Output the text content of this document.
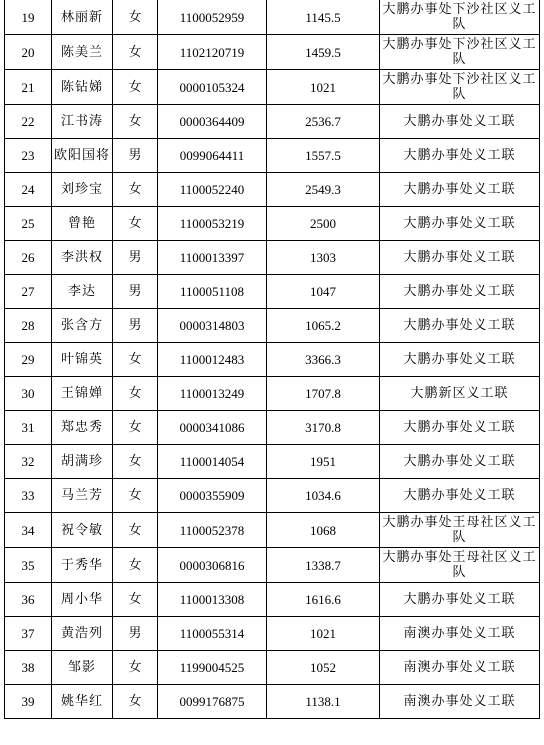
19	林丽新	女	1100052959	1145.5	大鹏办事处下沙社区义工队
20	陈美兰	女	1102120719	1459.5	大鹏办事处下沙社区义工队
21	陈钻娣	女	0000105324	1021	大鹏办事处下沙社区义工队
22	江书涛	女	0000364409	2536.7	大鹏办事处义工联
23	欧阳国将	男	0099064411	1557.5	大鹏办事处义工联
24	刘珍宝	女	1100052240	2549.3	大鹏办事处义工联
25	曾艳	女	1100053219	2500	大鹏办事处义工联
26	李洪权	男	1100013397	1303	大鹏办事处义工联
27	李达	男	1100051108	1047	大鹏办事处义工联
28	张含方	男	0000314803	1065.2	大鹏办事处义工联
29	叶锦英	女	1100012483	3366.3	大鹏办事处义工联
30	王锦婵	女	1100013249	1707.8	大鹏新区义工联
31	郑忠秀	女	0000341086	3170.8	大鹏办事处义工联
32	胡满珍	女	1100014054	1951	大鹏办事处义工联
33	马兰芳	女	0000355909	1034.6	大鹏办事处义工联
34	祝令敏	女	1100052378	1068	大鹏办事处王母社区义工队
35	于秀华	女	0000306816	1338.7	大鹏办事处王母社区义工队
36	周小华	女	1100013308	1616.6	大鹏办事处义工联
37	黄浩列	男	1100055314	1021	南澳办事处义工联
38	邹影	女	1199004525	1052	南澳办事处义工联
39	姚华红	女	0099176875	1138.1	南澳办事处义工联
